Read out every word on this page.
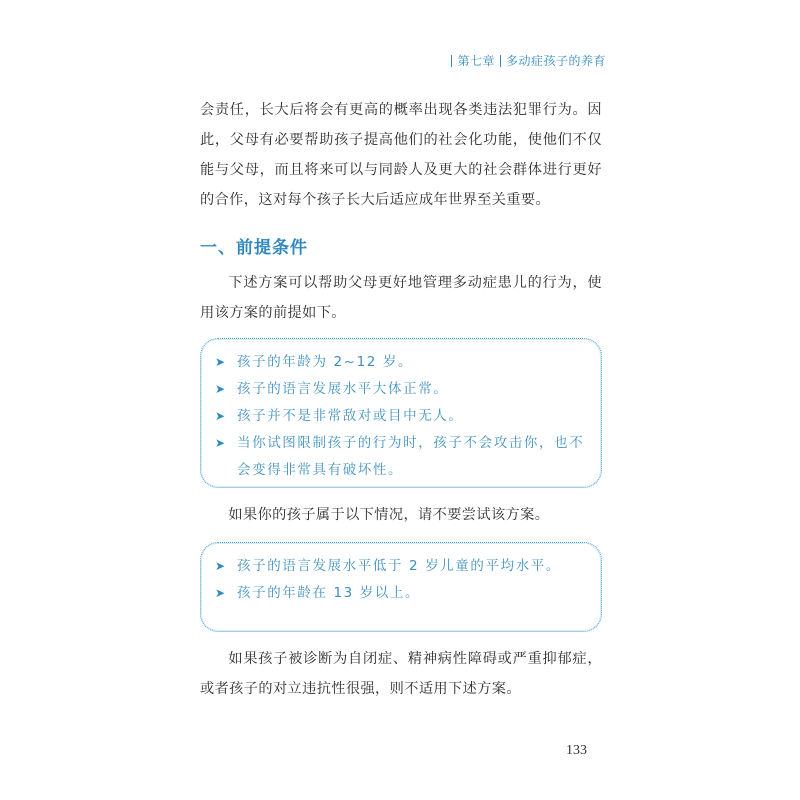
第七章 多动症孩子的养育

会责任，长大后将会有更高的概率出现各类违法犯罪行为。因此，父母有必要帮助孩子提高他们的社会化功能，使他们不仅能与父母，而且将来可以与同龄人及更大的社会群体进行更好的合作，这对每个孩子长大后适应成年世界至关重要。

一、前提条件

下述方案可以帮助父母更好地管理多动症患儿的行为，使用该方案的前提如下。

➤ 孩子的年龄为 2~12 岁。
➤ 孩子的语言发展水平大体正常。
➤ 孩子并不是非常敌对或目中无人。
➤ 当你试图限制孩子的行为时，孩子不会攻击你，也不会变得非常具有破坏性。

如果你的孩子属于以下情况，请不要尝试该方案。

➤ 孩子的语言发展水平低于 2 岁儿童的平均水平。
➤ 孩子的年龄在 13 岁以上。

如果孩子被诊断为自闭症、精神病性障碍或严重抑郁症，或者孩子的对立违抗性很强，则不适用下述方案。

133
